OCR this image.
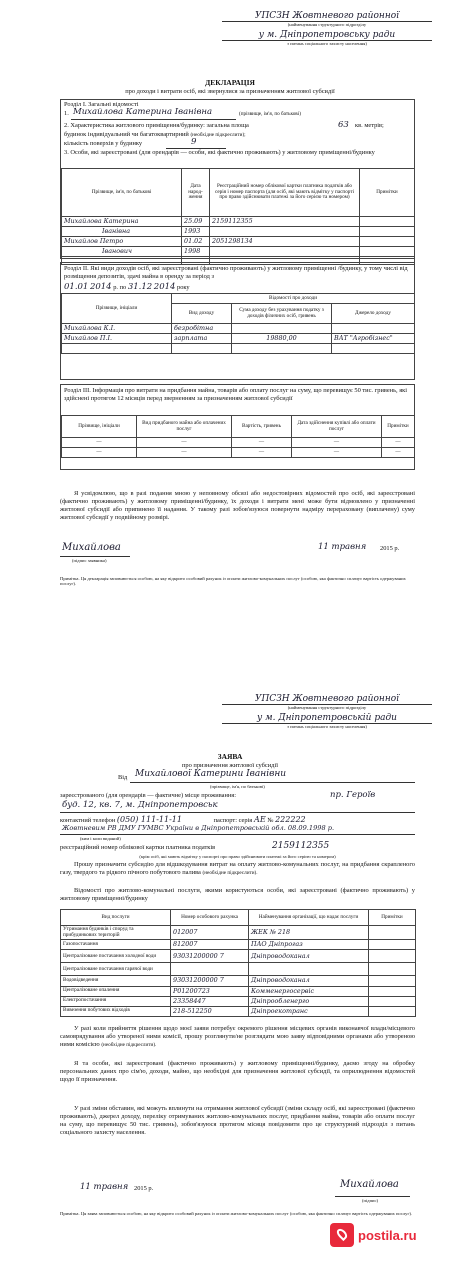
УПСЗН Жовтневого районної
(найменування структурного підрозділу
у м. Дніпропетровську ради
з питань соціального захисту населення)
ДЕКЛАРАЦІЯ
про доходи і витрати осіб, які звернулися за призначенням житлової субсидії
Розділ І. Загальні відомості
1. Михайлова Катерина Іванівна	(прізвище, ім'я, по батькові)
2. Характеристика житлового приміщення/будинку: загальна площа	63 кв. метрів;
будинок індивідуальний чи багатоквартирний (необхідне підкреслити);
кількість поверхів у будинку	9
3. Особи, які зареєстровані (для орендарів — особи, які фактично проживають) у житловому приміщенні/будинку
Прізвище, ім'я, по батькові	Дата народ-ження	Реєстраційний номер облікової картки платника податків або серія і номер паспорта (для осіб, які мають відмітку у паспорті про право здійснювати платежі за його серією та номером)	Примітки
Михайлова Катерина	25.09	2159112355	
Іванівна	1993		
Михайлов Петро	01.02	2051298134	
Іванович	1998		

Розділ ІІ. Які види доходів осіб, які зареєстровані (фактично проживають) у житловому приміщенні /будинку, у тому числі від розміщення депозитів, здачі майна в оренду за період з
01.01 2014 р. по 31.12 2014 року
Прізвище, ініціали	Відомості про доходи		
	Вид доходу	Сума доходу без урахування податку з доходів фізичних осіб, гривень	Джерело доходу
Михайлова К.І.	безробітна		
Михайлов П.І.	зарплата	19880,00	ВАТ "Агробізнес"

Розділ ІІІ. Інформація про витрати на придбання майна, товарів або оплату послуг на суму, що перевищує 50 тис. гривень, які здійснені протягом 12 місяців перед зверненням за призначенням житлової субсидії
Прізвище, ініціали	Вид придбаного майна або оплачених послуг	Вартість, гривень	Дата здійснення купівлі або оплати послуг	Примітки
—	—	—	—	—
—	—	—	—	—
Я усвідомлюю, що в разі подання мною у неповному обсязі або недостовірних відомостей про осіб, які зареєстровані (фактично проживають) у житловому приміщенні/будинку, їх доходи і витрати мені може бути відмовлено у призначенні житлової субсидії або припинено її надання. У такому разі зобов'язуюся повернути надміру перераховану (виплачену) суму житлової субсидії у подвійному розмірі.
Михайлова
(підпис заявника)
11 травня 2015 р.
Примітка. Ця декларація заповнюється особою, на яку відкрито особовий рахунок із оплати житлово-комунальних послуг (особою, яка фактично сплачує вартість одержуваних послуг).
УПСЗН Жовтневого районної
(найменування структурного підрозділу
у м. Дніпропетровській ради
з питань соціального захисту населення)
ЗАЯВА
про призначення житлової субсидії
Від Михайлової Катерини Іванівни
(прізвище, ім'я, по батькові)
зареєстрованого (для орендарів — фактичне) місце проживання:	пр. Героїв
буд. 12, кв. 7, м. Дніпропетровськ
контактний телефон (050) 111-11-11	паспорт: серія АЕ № 222222
Жовтневим РВ ДМУ ГУМВС України в Дніпропетровській обл. 08.09.1998 р.
(ким і коли виданий)
реєстраційний номер облікової картки платника податків	2159112355
(крім осіб, які мають відмітку у паспорті про право здійснювати платежі за його серією та номером)
Прошу призначити субсидію для відшкодування витрат на оплату житлово-комунальних послуг, на придбання скрапленого газу, твердого та рідкого пічного побутового палива (необхідне підкреслити).
Відомості про житлово-комунальні послуги, якими користуються особи, які зареєстровані (фактично проживають) у житловому приміщенні/будинку
Вид послуги	Номер особового рахунка	Найменування організації, що надає послуги	Примітки
Утримання будинків і споруд та прибудинкових територій	012007	ЖЕК № 218	
Газопостачання	812007	ПАО Дніпрогаз	
Централізоване постачання холодної води	93031200000 7	Дніпроводоканал	
Централізоване постачання гарячої води			
Водовідведення	93031200000 7	Дніпроводоканал	
Централізоване опалення	Р01200723	Комменергосервіс	
Електропостачання	23358447	Дніпрообленерго	
Вивезення побутових відходів	218-512250	Дніпроекотранс	
У разі коли прийняття рішення щодо моєї заяви потребує окремого рішення місцевих органів виконавчої влади/місцевого самоврядування або утвореної ними комісії, прошу розглянути/не розглядати мою заяву відповідними органами або утвореною ними комісією (необхідне підкреслити).
Я та особи, які зареєстровані (фактично проживають) у житловому приміщенні/будинку, даємо згоду на обробку персональних даних про сім'ю, доходи, майно, що необхідні для призначення житлової субсидії, та оприлюднення відомостей щодо її призначення.
У разі зміни обставин, які можуть вплинути на отримання житлової субсидії (зміни складу осіб, які зареєстровані (фактично проживають), джерел доходу, переліку отримуваних житлово-комунальних послуг, придбання майна, товарів або оплати послуг на суму, що перевищує 50 тис. гривень), зобов'язуюся протягом місяця повідомити про це структурний підрозділ з питань соціального захисту населення.
11 травня 2015 р.	Михайлова
(підпис)
Примітка. Ця заява заповнюється особою, на яку відкрито особовий рахунок із оплати житлово-комунальних послуг (особою, яка фактично сплачує вартість одержуваних послуг).
postila.ru
